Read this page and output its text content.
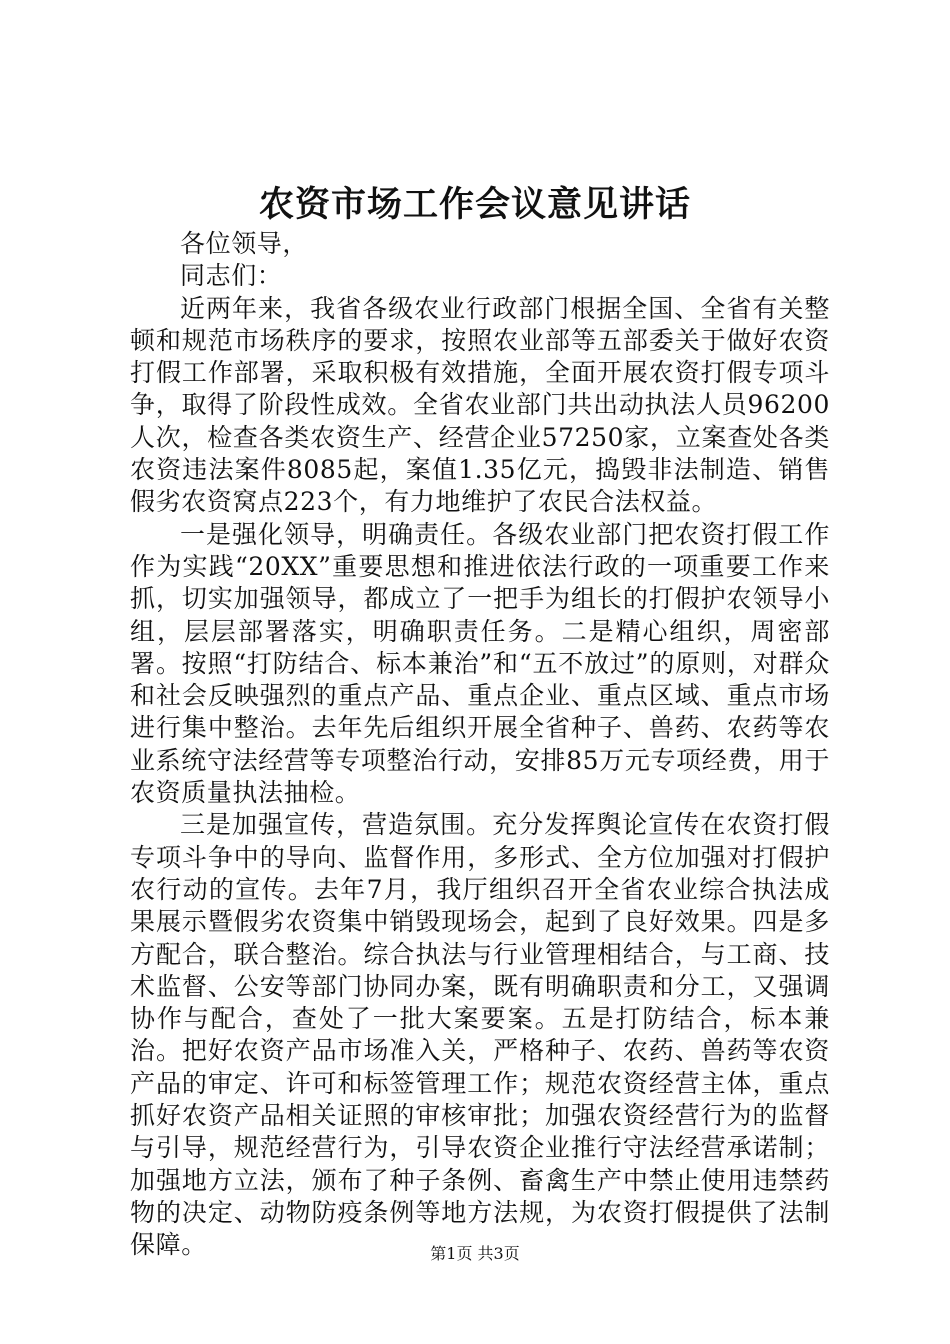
农资市场工作会议意见讲话

各位领导，

同志们：

近两年来，我省各级农业行政部门根据全国、全省有关整顿和规范市场秩序的要求，按照农业部等五部委关于做好农资打假工作部署，采取积极有效措施，全面开展农资打假专项斗争，取得了阶段性成效。全省农业部门共出动执法人员96200人次，检查各类农资生产、经营企业57250家，立案查处各类农资违法案件8085起，案值1.35亿元，捣毁非法制造、销售假劣农资窝点223个，有力地维护了农民合法权益。

一是强化领导，明确责任。各级农业部门把农资打假工作作为实践“20XX”重要思想和推进依法行政的一项重要工作来抓，切实加强领导，都成立了一把手为组长的打假护农领导小组，层层部署落实，明确职责任务。二是精心组织，周密部署。按照“打防结合、标本兼治”和“五不放过”的原则，对群众和社会反映强烈的重点产品、重点企业、重点区域、重点市场进行集中整治。去年先后组织开展全省种子、兽药、农药等农业系统守法经营等专项整治行动，安排85万元专项经费，用于农资质量执法抽检。

三是加强宣传，营造氛围。充分发挥舆论宣传在农资打假专项斗争中的导向、监督作用，多形式、全方位加强对打假护农行动的宣传。去年7月，我厅组织召开全省农业综合执法成果展示暨假劣农资集中销毁现场会，起到了良好效果。四是多方配合，联合整治。综合执法与行业管理相结合，与工商、技术监督、公安等部门协同办案，既有明确职责和分工，又强调协作与配合，查处了一批大案要案。五是打防结合，标本兼治。把好农资产品市场准入关，严格种子、农药、兽药等农资产品的审定、许可和标签管理工作；规范农资经营主体，重点抓好农资产品相关证照的审核审批；加强农资经营行为的监督与引导，规范经营行为，引导农资企业推行守法经营承诺制；加强地方立法，颁布了种子条例、畜禽生产中禁止使用违禁药物的决定、动物防疫条例等地方法规，为农资打假提供了法制保障。	第1页 共3页
